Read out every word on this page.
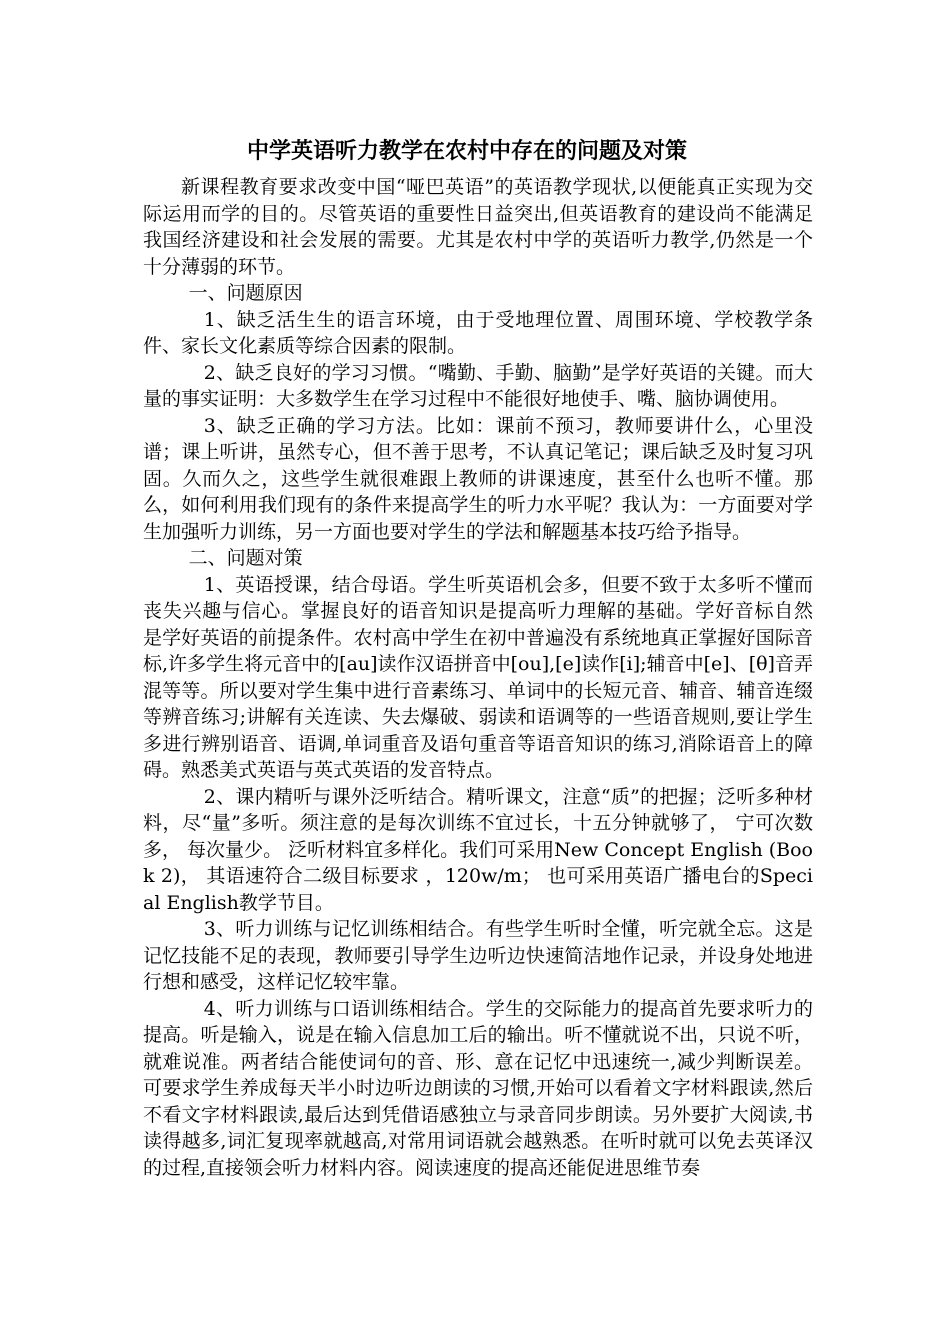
中学英语听力教学在农村中存在的问题及对策

新课程教育要求改变中国“哑巴英语”的英语教学现状,以便能真正实现为交际运用而学的目的。尽管英语的重要性日益突出,但英语教育的建设尚不能满足我国经济建设和社会发展的需要。尤其是农村中学的英语听力教学,仍然是一个十分薄弱的环节。

一、问题原因

1、缺乏活生生的语言环境，由于受地理位置、周围环境、学校教学条件、家长文化素质等综合因素的限制。

2、缺乏良好的学习习惯。“嘴勤、手勤、脑勤”是学好英语的关键。而大量的事实证明：大多数学生在学习过程中不能很好地使手、嘴、脑协调使用。

3、缺乏正确的学习方法。比如：课前不预习，教师要讲什么，心里没谱；课上听讲，虽然专心，但不善于思考，不认真记笔记；课后缺乏及时复习巩固。久而久之，这些学生就很难跟上教师的讲课速度，甚至什么也听不懂。那么，如何利用我们现有的条件来提高学生的听力水平呢？我认为：一方面要对学生加强听力训练，另一方面也要对学生的学法和解题基本技巧给予指导。

二、问题对策

1、英语授课，结合母语。学生听英语机会多，但要不致于太多听不懂而丧失兴趣与信心。掌握良好的语音知识是提高听力理解的基础。学好音标自然 是学好英语的前提条件。农村高中学生在初中普遍没有系统地真正掌握好国际音标,许多学生将元音中的[au]读作汉语拼音中[ou],[e]读作[i];辅音中[e]、[θ]音弄混等等。所以要对学生集中进行音素练习、单词中的长短元音、辅音、辅音连缀等辨音练习;讲解有关连读、失去爆破、弱读和语调等的一些语音规则,要让学生多进行辨别语音、语调,单词重音及语句重音等语音知识的练习,消除语音上的障碍。熟悉美式英语与英式英语的发音特点。

2、课内精听与课外泛听结合。精听课文，注意“质”的把握；泛听多种材料，尽“量”多听。须注意的是每次训练不宜过长，十五分钟就够了， 宁可次数多， 每次量少。 泛听材料宜多样化。我们可采用New Concept English (Book 2)， 其语速符合二级目标要求 ，120w/m； 也可采用英语广播电台的Special English教学节目。

3、听力训练与记忆训练相结合。有些学生听时全懂，听完就全忘。这是记忆技能不足的表现，教师要引导学生边听边快速简洁地作记录，并设身处地进行想和感受，这样记忆较牢靠。

4、听力训练与口语训练相结合。学生的交际能力的提高首先要求听力的提高。听是输入，说是在输入信息加工后的输出。听不懂就说不出，只说不听，就难说准。两者结合能使词句的音、形、意在记忆中迅速统一,减少判断误差。可要求学生养成每天半小时边听边朗读的习惯,开始可以看着文字材料跟读,然后不看文字材料跟读,最后达到凭借语感独立与录音同步朗读。另外要扩大阅读,书读得越多,词汇复现率就越高,对常用词语就会越熟悉。在听时就可以免去英译汉的过程,直接领会听力材料内容。阅读速度的提高还能促进思维节奏
